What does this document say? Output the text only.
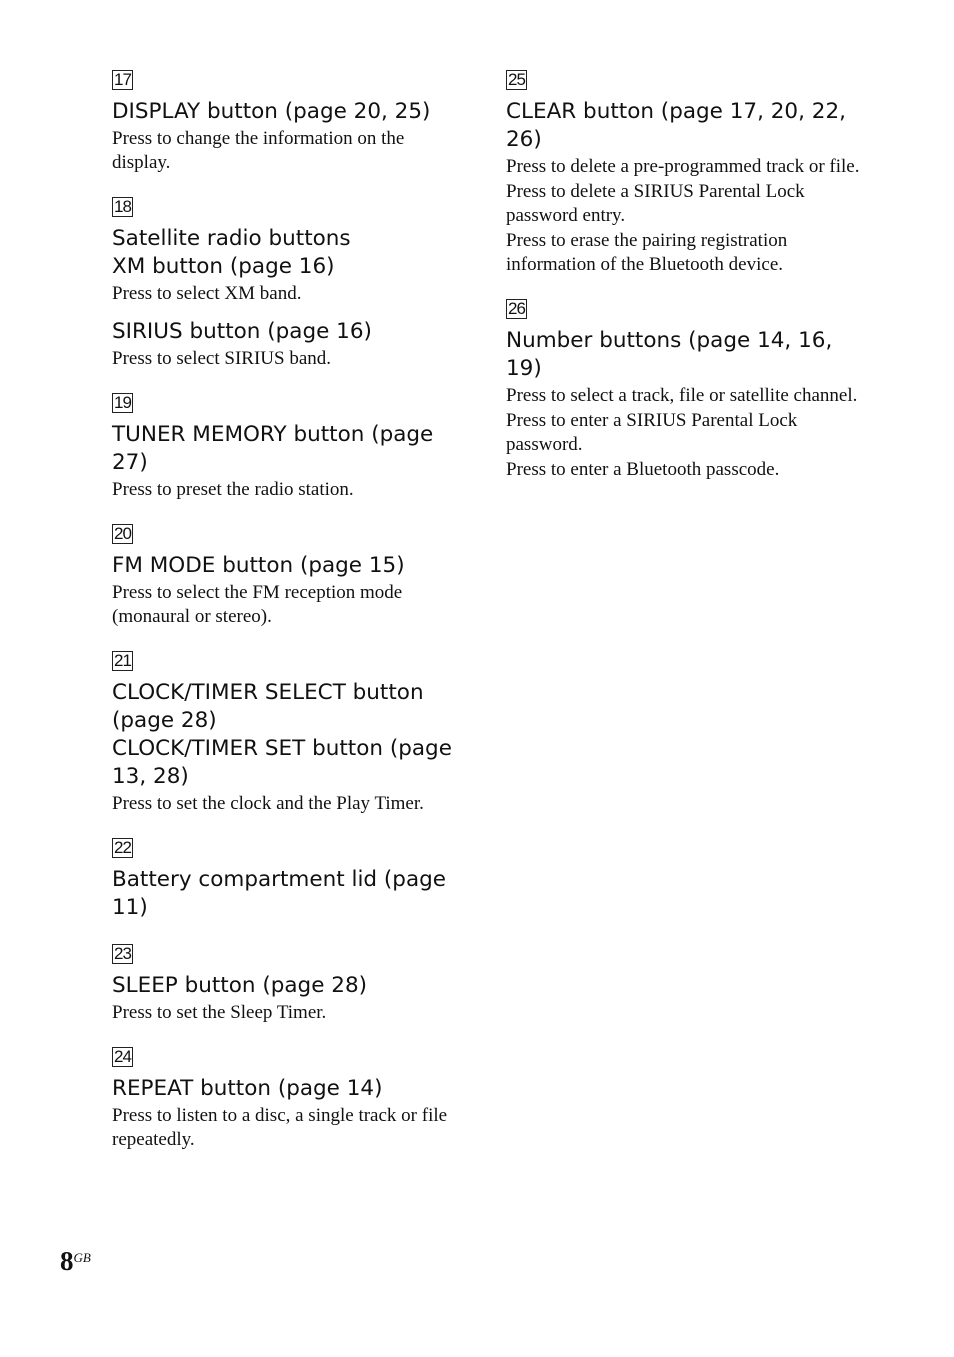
17

DISPLAY button (page 20, 25)

Press to change the information on the display.

18

Satellite radio buttons

XM button (page 16)

Press to select XM band.

SIRIUS button (page 16)

Press to select SIRIUS band.

19

TUNER MEMORY button (page 27)

Press to preset the radio station.

20

FM MODE button (page 15)

Press to select the FM reception mode (monaural or stereo).

21

CLOCK/TIMER SELECT button (page 28)

CLOCK/TIMER SET button (page 13, 28)

Press to set the clock and the Play Timer.

22

Battery compartment lid (page 11)

23

SLEEP button (page 28)

Press to set the Sleep Timer.

24

REPEAT button (page 14)

Press to listen to a disc, a single track or file repeatedly.

25

CLEAR button (page 17, 20, 22, 26)

Press to delete a pre-programmed track or file.

Press to delete a SIRIUS Parental Lock password entry.

Press to erase the pairing registration information of the Bluetooth device.

26

Number buttons (page 14, 16, 19)

Press to select a track, file or satellite channel.

Press to enter a SIRIUS Parental Lock password.

Press to enter a Bluetooth passcode.

$8^{GB}$
